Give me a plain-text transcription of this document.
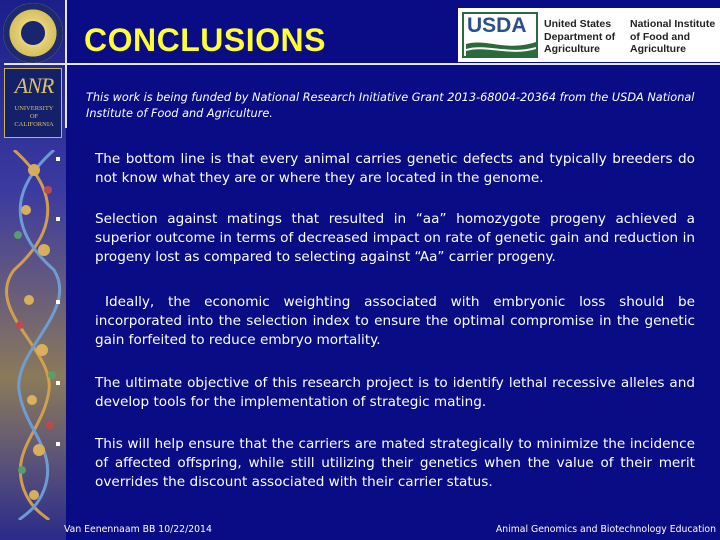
ANR
UNIVERSITY
OF
CALIFORNIA
CONCLUSIONS	USDA United States
Department of
Agriculture
National Institute
of Food and
Agriculture
This work is being funded by National Research Initiative Grant 2013-68004-20364 from the USDA National Institute of Food and Agriculture.
The bottom line is that every animal carries genetic defects and typically breeders do not know what they are or where they are located in the genome.
Selection against matings that resulted in “aa” homozygote progeny achieved a superior outcome in terms of decreased impact on rate of genetic gain and reduction in progeny lost as compared to selecting against “Aa” carrier progeny.
Ideally, the economic weighting associated with embryonic loss should be incorporated into the selection index to ensure the optimal compromise in the genetic gain forfeited to reduce embryo mortality.
The ultimate objective of this research project is to identify lethal recessive alleles and develop tools for the implementation of strategic mating.
This will help ensure that the carriers are mated strategically to minimize the incidence of affected offspring, while still utilizing their genetics when the value of their merit overrides the discount associated with their carrier status.
Van Eenennaam BB 10/22/2014	Animal Genomics and Biotechnology Education
